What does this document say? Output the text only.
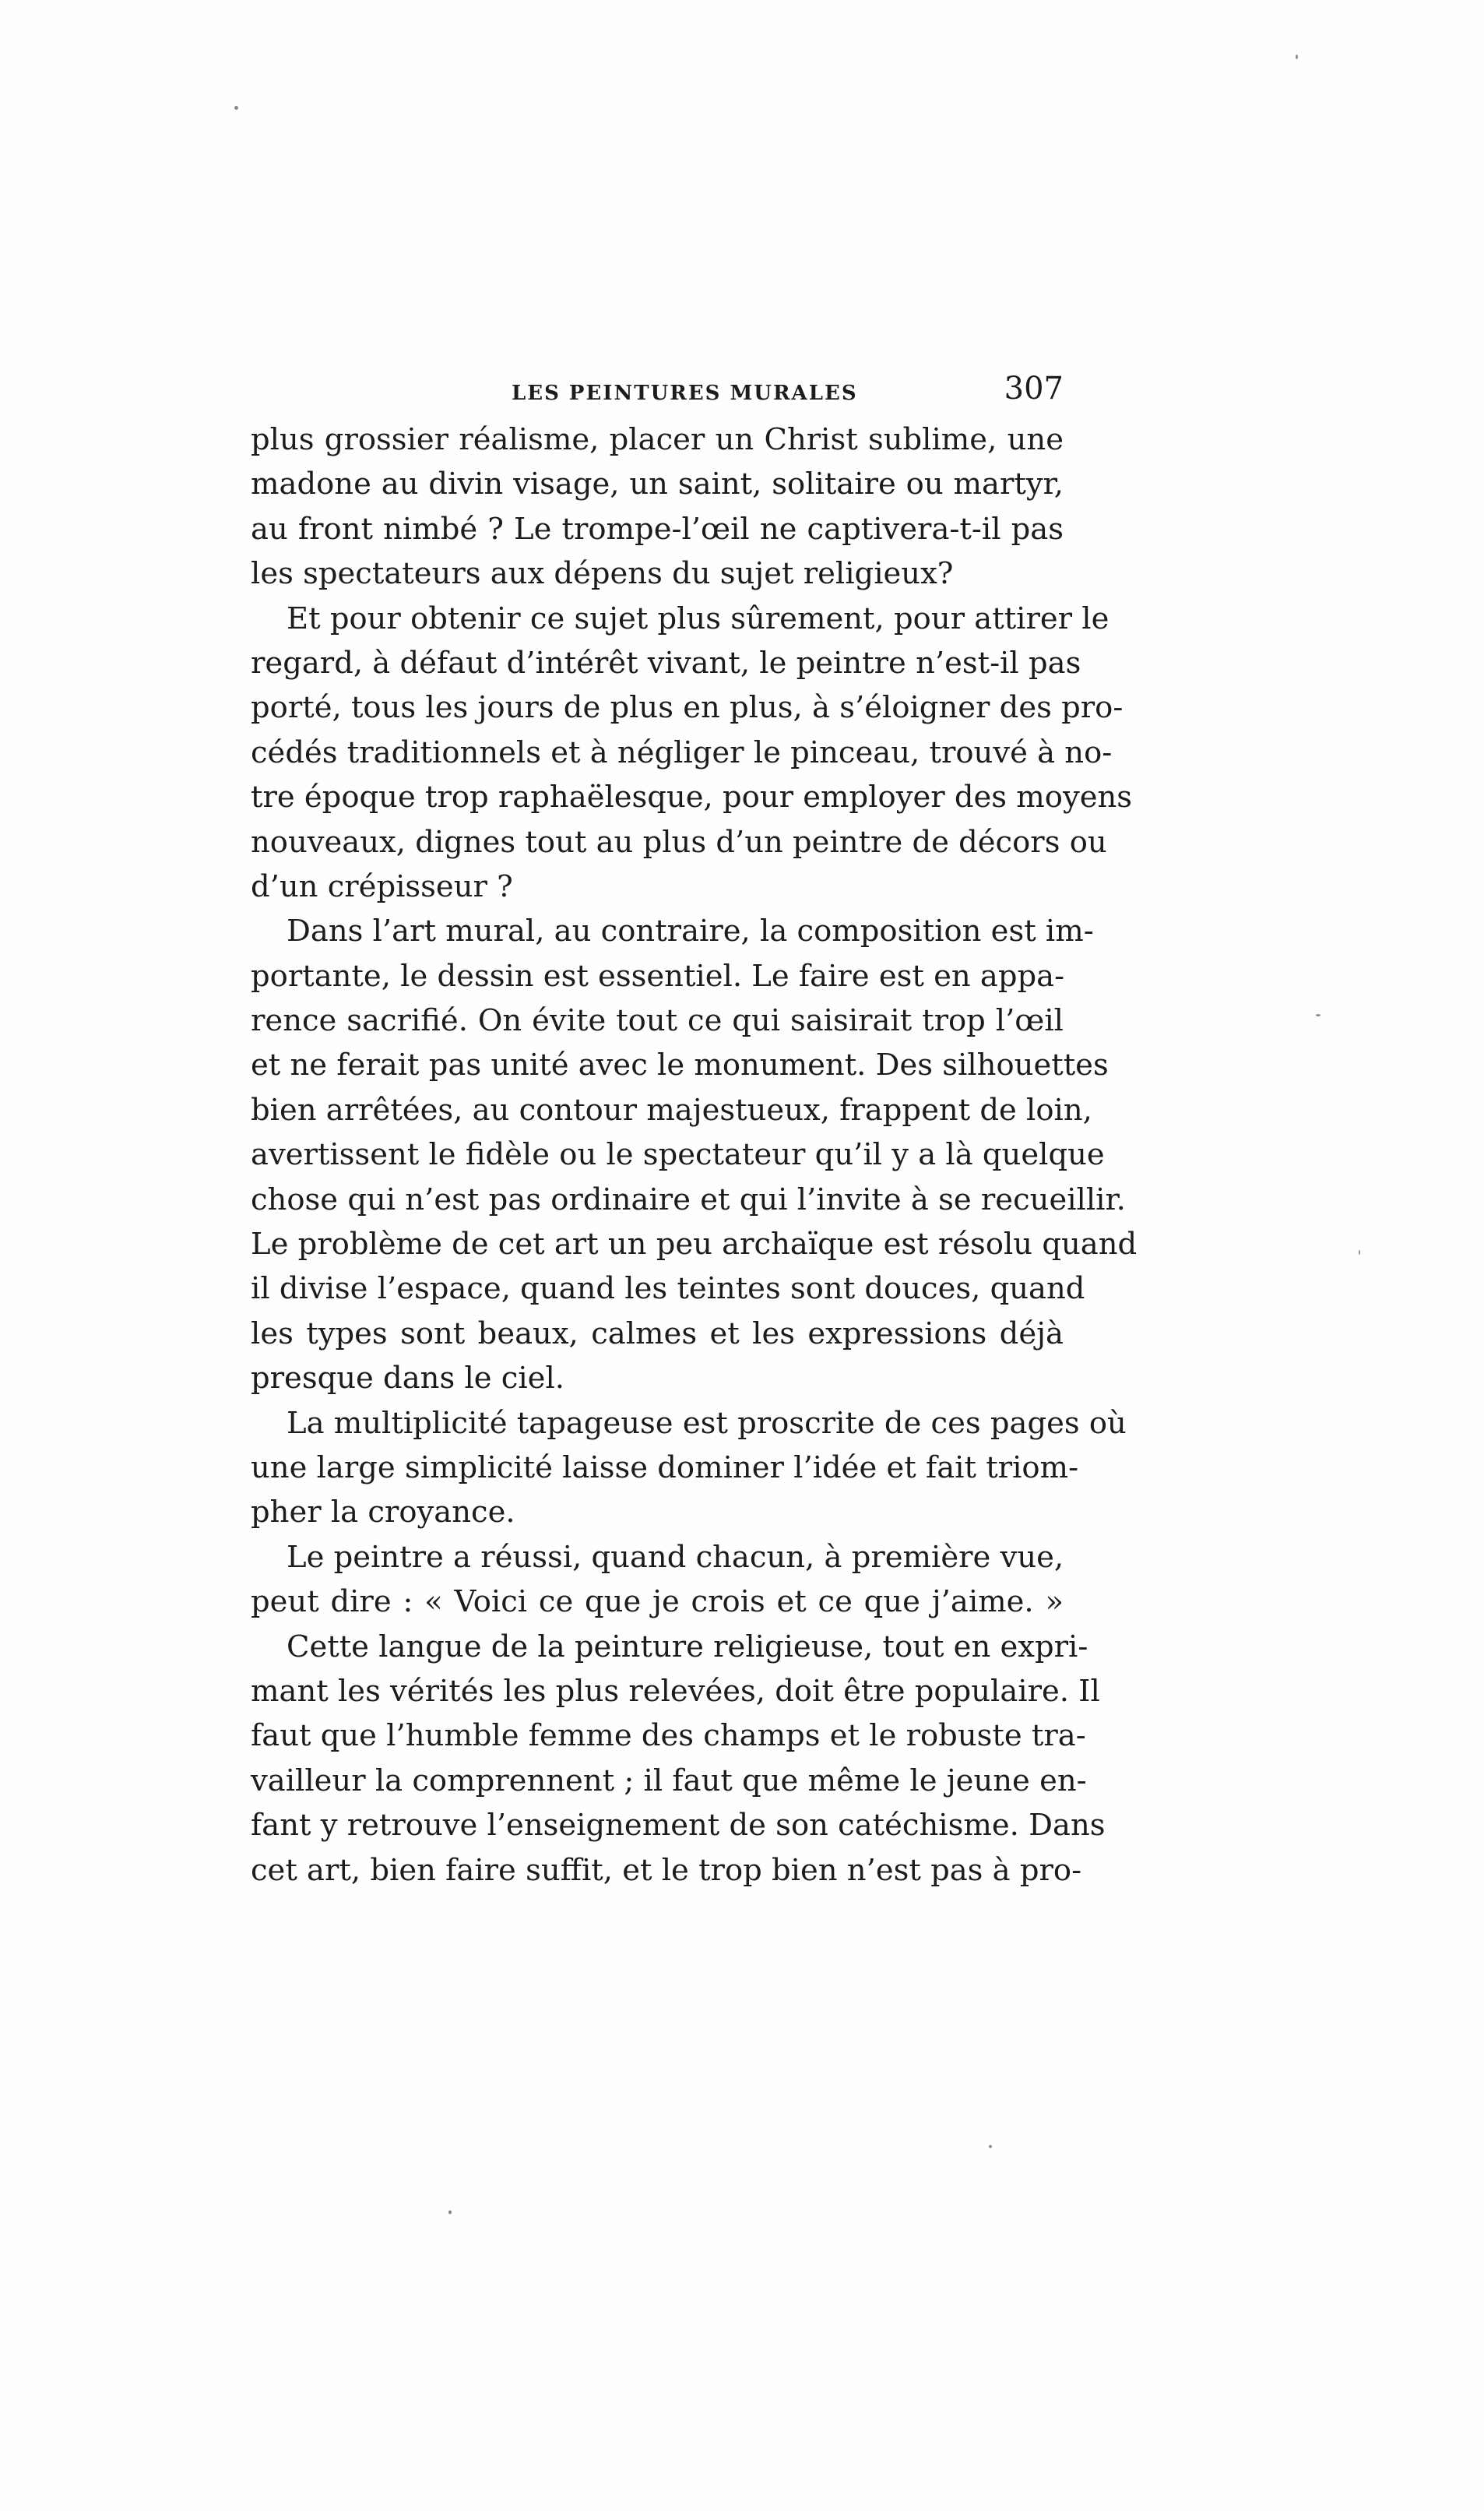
LES PEINTURES MURALES	307
plus grossier réalisme, placer un Christ sublime, une
madone au divin visage, un saint, solitaire ou martyr,
au front nimbé ? Le trompe-l’œil ne captivera-t-il pas
les spectateurs aux dépens du sujet religieux?
Et pour obtenir ce sujet plus sûrement, pour attirer le
regard, à défaut d’intérêt vivant, le peintre n’est-il pas
porté, tous les jours de plus en plus, à s’éloigner des pro-
cédés traditionnels et à négliger le pinceau, trouvé à no-
tre époque trop raphaëlesque, pour employer des moyens
nouveaux, dignes tout au plus d’un peintre de décors ou
d’un crépisseur ?
Dans l’art mural, au contraire, la composition est im-
portante, le dessin est essentiel. Le faire est en appa-
rence sacrifié. On évite tout ce qui saisirait trop l’œil
et ne ferait pas unité avec le monument. Des silhouettes
bien arrêtées, au contour majestueux, frappent de loin,
avertissent le fidèle ou le spectateur qu’il y a là quelque
chose qui n’est pas ordinaire et qui l’invite à se recueillir.
Le problème de cet art un peu archaïque est résolu quand
il divise l’espace, quand les teintes sont douces, quand
les types sont beaux, calmes et les expressions déjà
presque dans le ciel.
La multiplicité tapageuse est proscrite de ces pages où
une large simplicité laisse dominer l’idée et fait triom-
pher la croyance.
Le peintre a réussi, quand chacun, à première vue,
peut dire : « Voici ce que je crois et ce que j’aime. »
Cette langue de la peinture religieuse, tout en expri-
mant les vérités les plus relevées, doit être populaire. Il
faut que l’humble femme des champs et le robuste tra-
vailleur la comprennent ; il faut que même le jeune en-
fant y retrouve l’enseignement de son catéchisme. Dans
cet art, bien faire suffit, et le trop bien n’est pas à pro-
